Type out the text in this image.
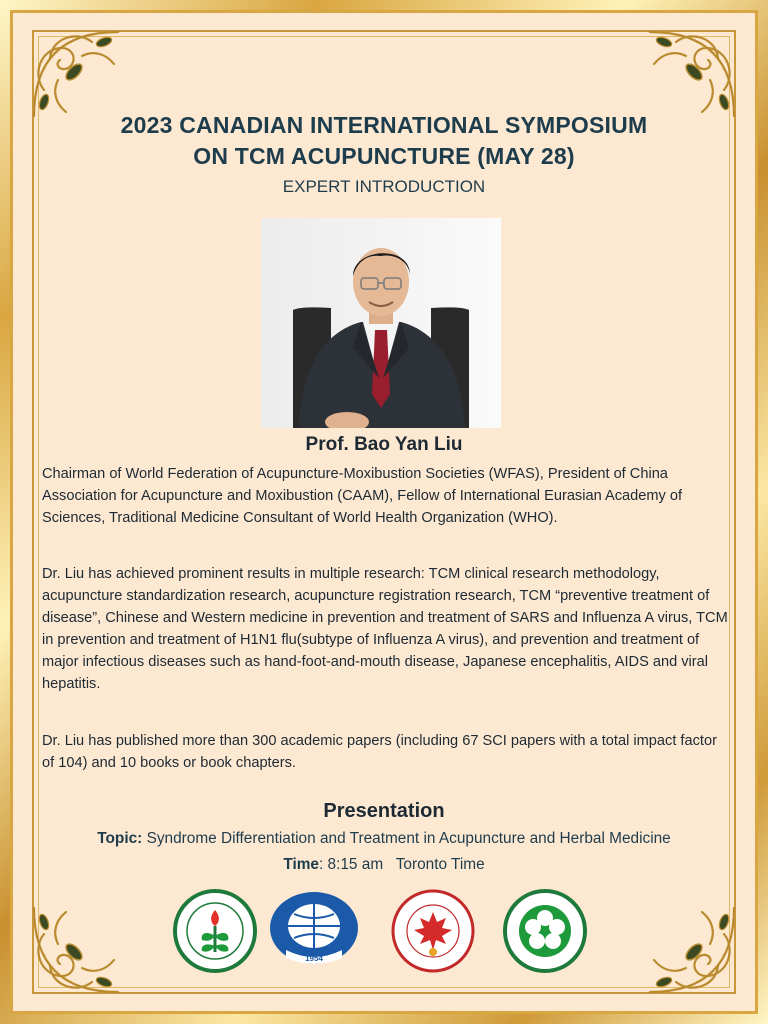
2023 CANADIAN INTERNATIONAL SYMPOSIUM
ON TCM ACUPUNCTURE (MAY 28)
EXPERT INTRODUCTION
Prof. Bao Yan Liu

Chairman of World Federation of Acupuncture-Moxibustion Societies (WFAS), President of China Association for Acupuncture and Moxibustion (CAAM), Fellow of International Eurasian Academy of Sciences, Traditional Medicine Consultant of World Health Organization (WHO).

Dr. Liu has achieved prominent results in multiple research: TCM clinical research methodology, acupuncture standardization research, acupuncture registration research, TCM “preventive treatment of disease”, Chinese and Western medicine in prevention and treatment of SARS and Influenza A virus, TCM in prevention and treatment of H1N1 flu(subtype of Influenza A virus), and prevention and treatment of major infectious diseases such as hand-foot-and-mouth disease, Japanese encephalitis, AIDS and viral hepatitis.

Dr. Liu has published more than 300 academic papers (including 67 SCI papers with a total impact factor of 104) and 10 books or book chapters.

Presentation
Topic: Syndrome Differentiation and Treatment in Acupuncture and Herbal Medicine
Time: 8:15 am   Toronto Time
1954
